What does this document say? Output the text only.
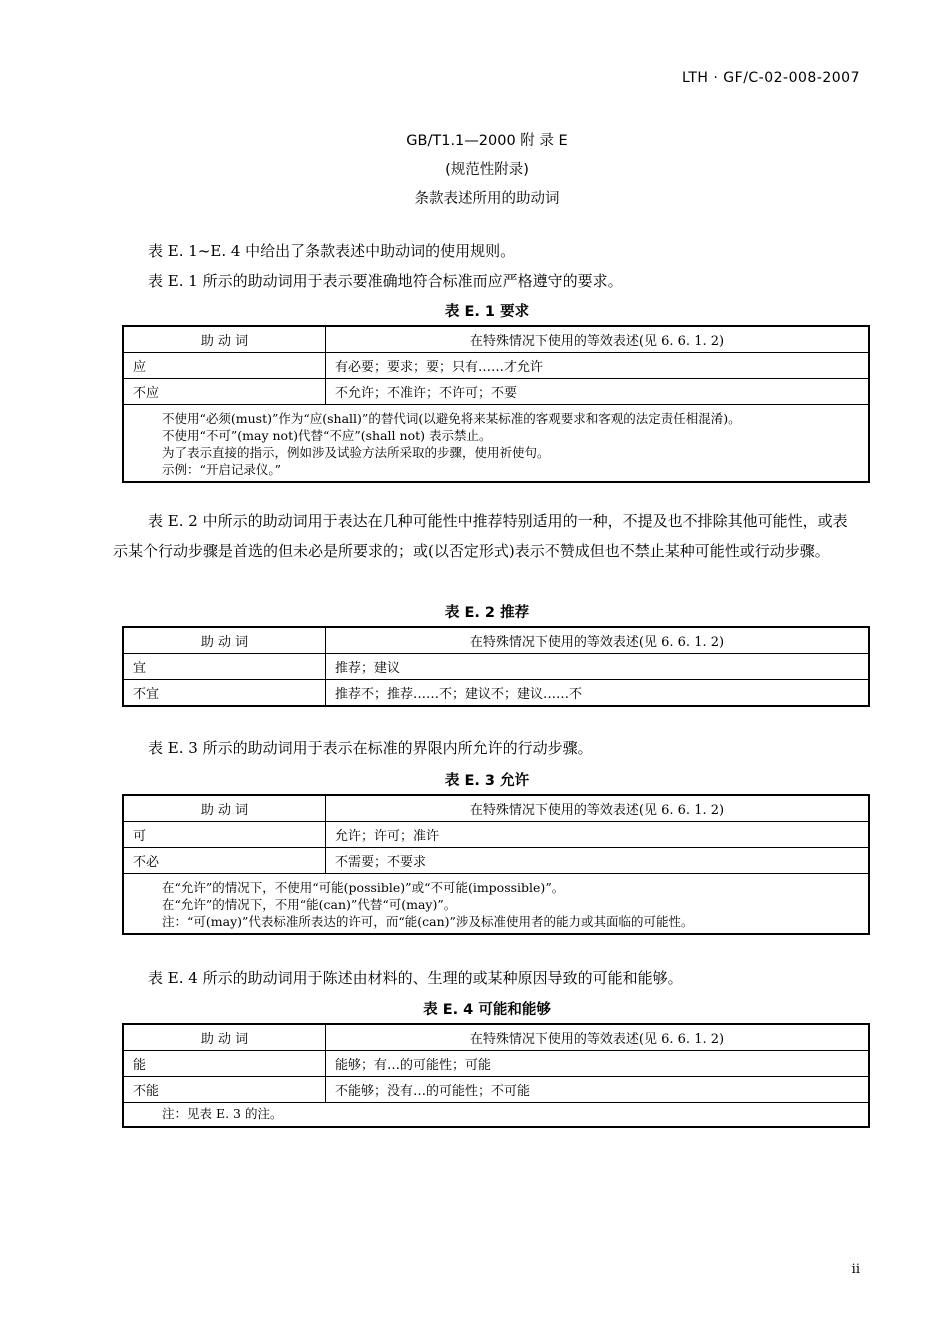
LTH · GF/C-02-008-2007
GB/T1.1—2000 附 录 E
(规范性附录)
条款表述所用的助动词
表 E. 1~E. 4 中给出了条款表述中助动词的使用规则。
表 E. 1 所示的助动词用于表示要准确地符合标准而应严格遵守的要求。
表 E. 1 要求
助 动 词	在特殊情况下使用的等效表述(见 6. 6. 1. 2)
应	有必要；要求；要；只有……才允许
不应	不允许；不准许；不许可；不要

不使用“必须(must)”作为“应(shall)”的替代词(以避免将来某标准的客观要求和客观的法定责任相混淆)。
不使用“不可”(may not)代替“不应”(shall not) 表示禁止。
为了表示直接的指示，例如涉及试验方法所采取的步骤，使用祈使句。
示例：“开启记录仪。”	
表 E. 2 中所示的助动词用于表达在几种可能性中推荐特别适用的一种，不提及也不排除其他可能性，或表示某个行动步骤是首选的但未必是所要求的；或(以否定形式)表示不赞成但也不禁止某种可能性或行动步骤。
表 E. 2 推荐
助 动 词	在特殊情况下使用的等效表述(见 6. 6. 1. 2)
宜	推荐；建议
不宜	推荐不；推荐……不；建议不；建议……不
表 E. 3 所示的助动词用于表示在标准的界限内所允许的行动步骤。
表 E. 3 允许
助 动 词	在特殊情况下使用的等效表述(见 6. 6. 1. 2)
可	允许；许可；准许
不必	不需要；不要求

在“允许”的情况下，不使用“可能(possible)”或“不可能(impossible)”。
在“允许”的情况下，不用“能(can)”代替“可(may)”。
注：“可(may)”代表标准所表达的许可，而“能(can)”涉及标准使用者的能力或其面临的可能性。	
表 E. 4 所示的助动词用于陈述由材料的、生理的或某种原因导致的可能和能够。
表 E. 4 可能和能够
助 动 词	在特殊情况下使用的等效表述(见 6. 6. 1. 2)
能	能够；有…的可能性；可能
不能	不能够；没有…的可能性；不可能

注：见表 E. 3 的注。	
ii
